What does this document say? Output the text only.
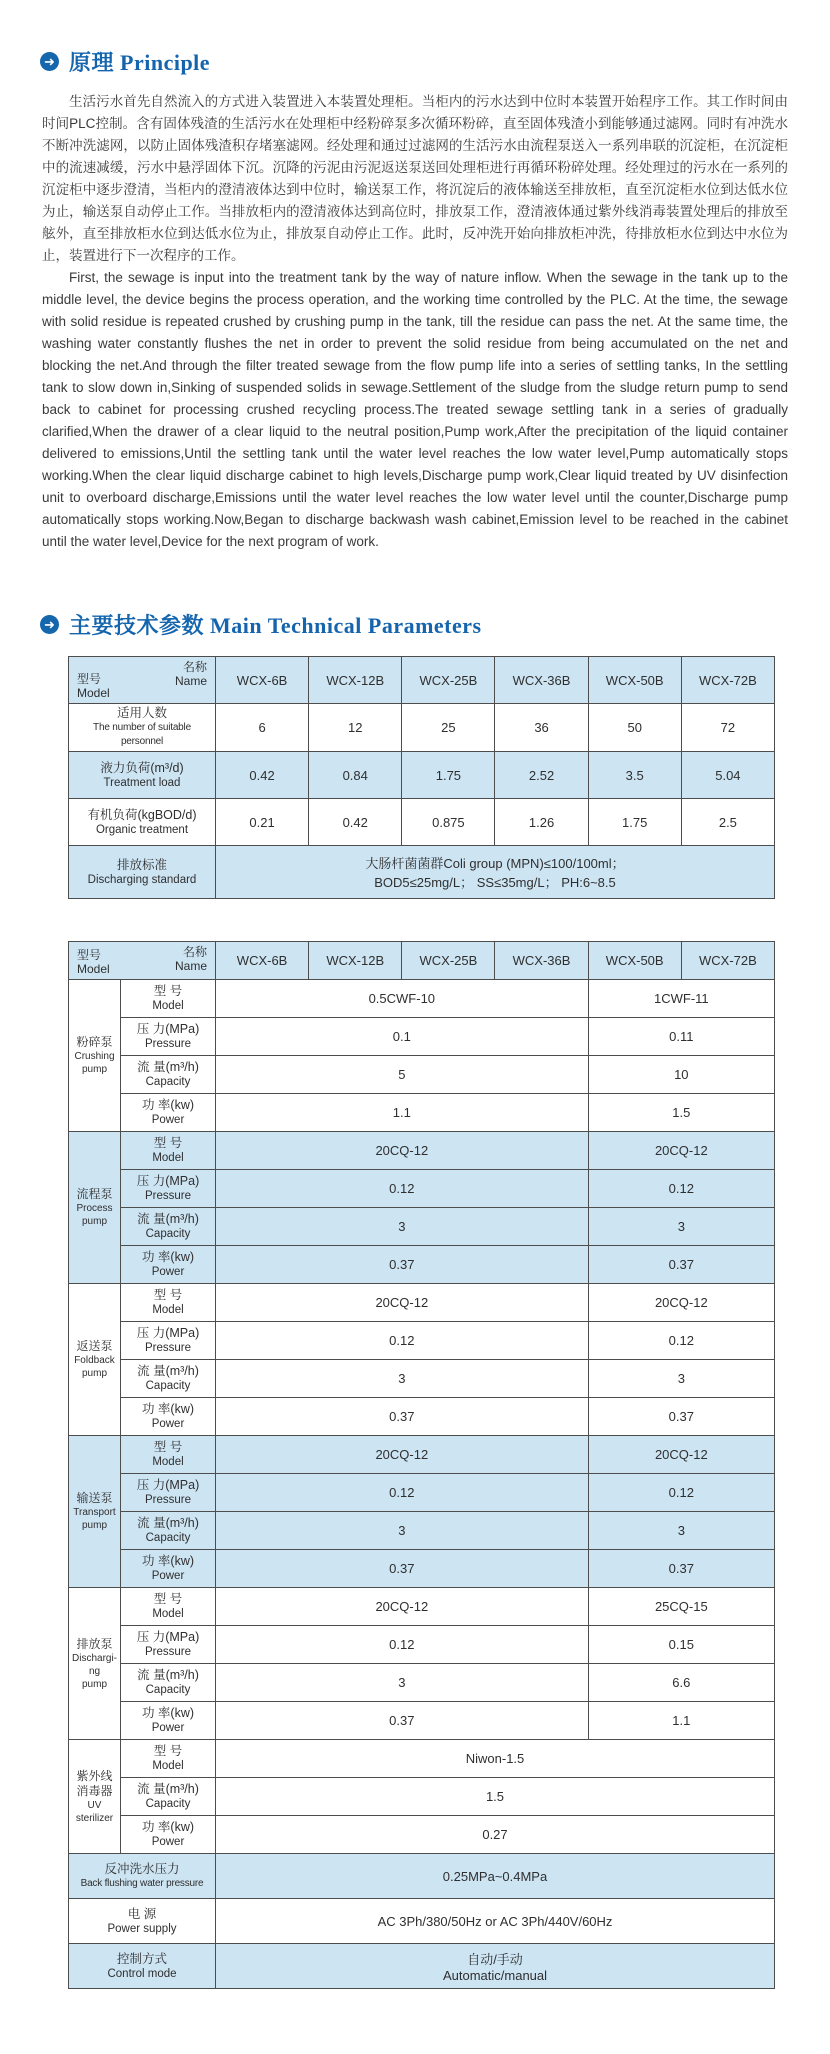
➜ 原理 Principle

生活污水首先自然流入的方式进入装置进入本装置处理柜。当柜内的污水达到中位时本装置开始程序工作。其工作时间由时间PLC控制。含有固体残渣的生活污水在处理柜中经粉碎泵多次循环粉碎，直至固体残渣小到能够通过滤网。同时有冲洗水不断冲洗滤网，以防止固体残渣积存堵塞滤网。经处理和通过过滤网的生活污水由流程泵送入一系列串联的沉淀柜，在沉淀柜中的流速减缓，污水中悬浮固体下沉。沉降的污泥由污泥返送泵送回处理柜进行再循环粉碎处理。经处理过的污水在一系列的沉淀柜中逐步澄清，当柜内的澄清液体达到中位时，输送泵工作，将沉淀后的液体输送至排放柜，直至沉淀柜水位到达低水位为止，输送泵自动停止工作。当排放柜内的澄清液体达到高位时，排放泵工作，澄清液体通过紫外线消毒装置处理后的排放至舷外，直至排放柜水位到达低水位为止，排放泵自动停止工作。此时，反冲洗开始向排放柜冲洗，待排放柜水位到达中水位为止，装置进行下一次程序的工作。

First, the sewage is input into the treatment tank by the way of nature inflow. When the sewage in the tank up to the middle level, the device begins the process operation, and the working time controlled by the PLC. At the time, the sewage with solid residue is repeated crushed by crushing pump in the tank, till the residue can pass the net. At the same time, the washing water constantly flushes the net in order to prevent the solid residue from being accumulated on the net and blocking the net.And through the filter treated sewage from the flow pump life into a series of settling tanks, In the settling tank to slow down in,Sinking of suspended solids in sewage.Settlement of the sludge from the sludge return pump to send back to cabinet for processing crushed recycling process.The treated sewage settling tank in a series of gradually clarified,When the drawer of a clear liquid to the neutral position,Pump work,After the precipitation of the liquid container delivered to emissions,Until the settling tank until the water level reaches the low water level,Pump automatically stops working.When the clear liquid discharge cabinet to high levels,Discharge pump work,Clear liquid treated by UV disinfection unit to overboard discharge,Emissions until the water level reaches the low water level until the counter,Discharge pump automatically stops working.Now,Began to discharge backwash wash cabinet,Emission level to be reached in the cabinet until the water level,Device for the next program of work.

➜ 主要技术参数 Main Technical Parameters
名称
Name
型号
Model	WCX-6B	WCX-12B	WCX-25B	WCX-36B	WCX-50B	WCX-72B

适用人数
The number of suitable personnel	6	12	25	36	50	72

液力负荷(m³/d)
Treatment load	0.42	0.84	1.75	2.52	3.5	5.04

有机负荷(kgBOD/d)
Organic treatment	0.21	0.42	0.875	1.26	1.75	2.5

排放标准
Discharging standard

大肠杆菌菌群Coli group (MPN)≤100/100ml；
BOD5≤25mg/L； SS≤35mg/L； PH:6~8.5
名称
Name
型号
Model		WCX-6B	WCX-12B	WCX-25B	WCX-36B	WCX-50B	WCX-72B

粉碎泵
Crushing
pump

型 号
Model	0.5CWF-10	1CWF-11

	压 力(MPa)
Pressure	0.1				0.11	

	流 量(m³/h)
Capacity	5				10	

	功 率(kw)
Power	1.1				1.5	

流程泵
Process
pump

型 号
Model	20CQ-12	20CQ-12

	压 力(MPa)
Pressure	0.12				0.12	

	流 量(m³/h)
Capacity	3				3	

	功 率(kw)
Power	0.37				0.37	

返送泵
Foldback
pump

型 号
Model	20CQ-12	20CQ-12

	压 力(MPa)
Pressure	0.12				0.12	

	流 量(m³/h)
Capacity	3				3	

	功 率(kw)
Power	0.37				0.37	

输送泵
Transport
pump

型 号
Model	20CQ-12	20CQ-12

	压 力(MPa)
Pressure	0.12				0.12	

	流 量(m³/h)
Capacity	3				3	

	功 率(kw)
Power	0.37				0.37	

排放泵
Dischargi-ng
pump

型 号
Model	20CQ-12	25CQ-15

	压 力(MPa)
Pressure	0.12				0.15	

	流 量(m³/h)
Capacity	3				6.6	

	功 率(kw)
Power	0.37				1.1	

紫外线
消毒器
UV
sterilizer

型 号
Model	Niwon-1.5

	流 量(m³/h)
Capacity	1.5					

	功 率(kw)
Power	0.27					

反冲洗水压力
Back flushing water pressure		0.25MPa~0.4MPa					

电 源
Power supply		AC 3Ph/380/50Hz or AC 3Ph/440V/60Hz					

控制方式
Control mode

自动/手动
Automatic/manual
